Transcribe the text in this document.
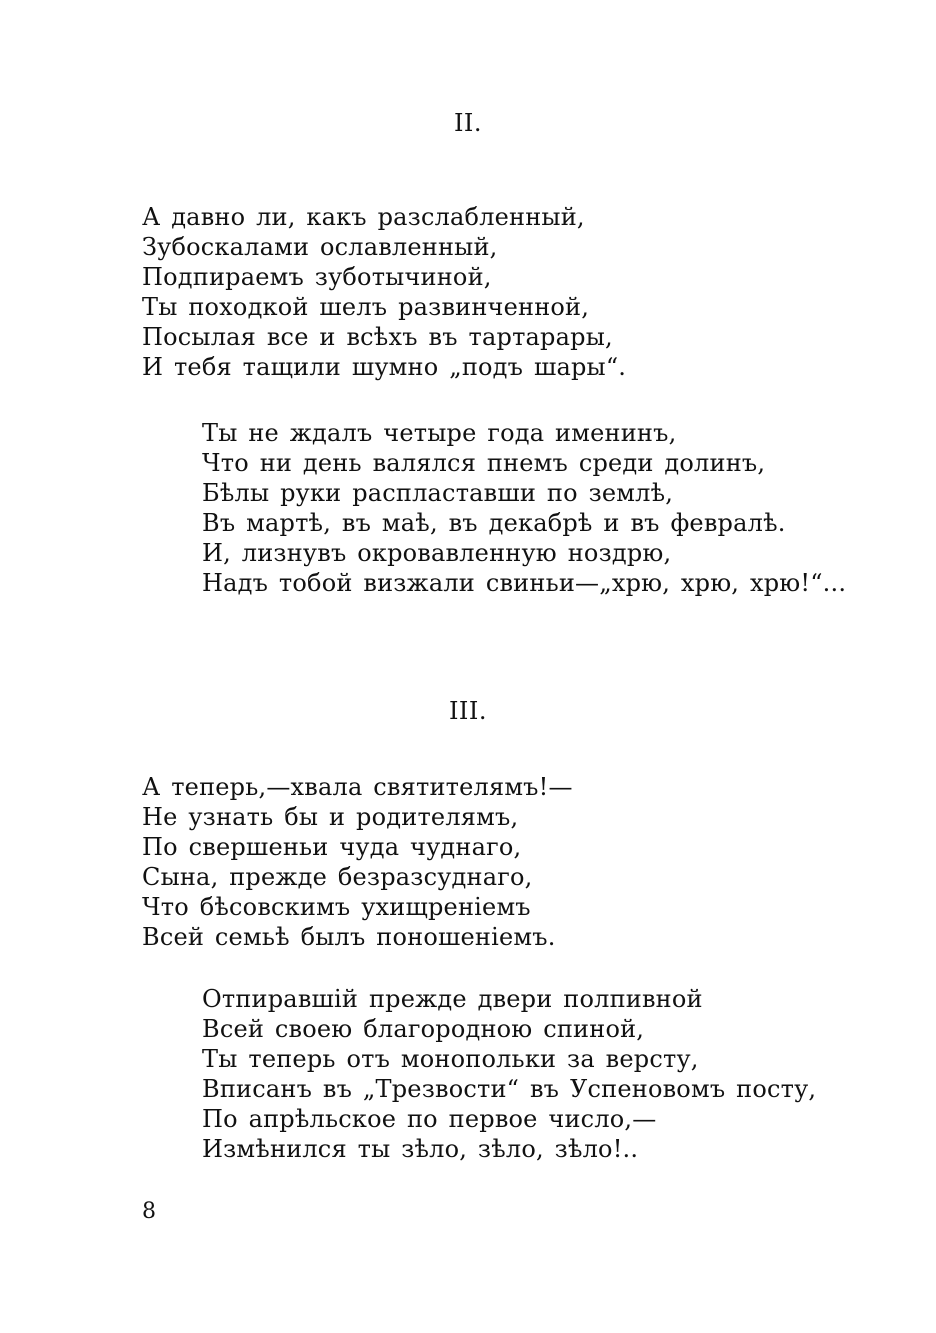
II.
А давно ли, какъ разслабленный,
Зубоскалами ославленный,
Подпираемъ зуботычиной,
Ты походкой шелъ развинченной,
Посылая все и всѣхъ въ тартарары,
И тебя тащили шумно „подъ шары“.
Ты не ждалъ четыре года именинъ,
Что ни день валялся пнемъ среди долинъ,
Бѣлы руки распластавши по землѣ,
Въ мартѣ, въ маѣ, въ декабрѣ и въ февралѣ.
И, лизнувъ окровавленную ноздрю,
Надъ тобой визжали свиньи—„хрю, хрю, хрю!“...
III.
А теперь,—хвала святителямъ!—
Не узнать бы и родителямъ,
По свершеньи чуда чуднаго,
Сына, прежде безразсуднаго,
Что бѣсовскимъ ухищреніемъ
Всей семьѣ былъ поношеніемъ.
Отпиравшій прежде двери полпивной
Всей своею благородною спиной,
Ты теперь отъ монопольки за версту,
Вписанъ въ „Трезвости“ въ Успеновомъ посту,
По апрѣльское по первое число,—
Измѣнился ты зѣло, зѣло, зѣло!..
8
